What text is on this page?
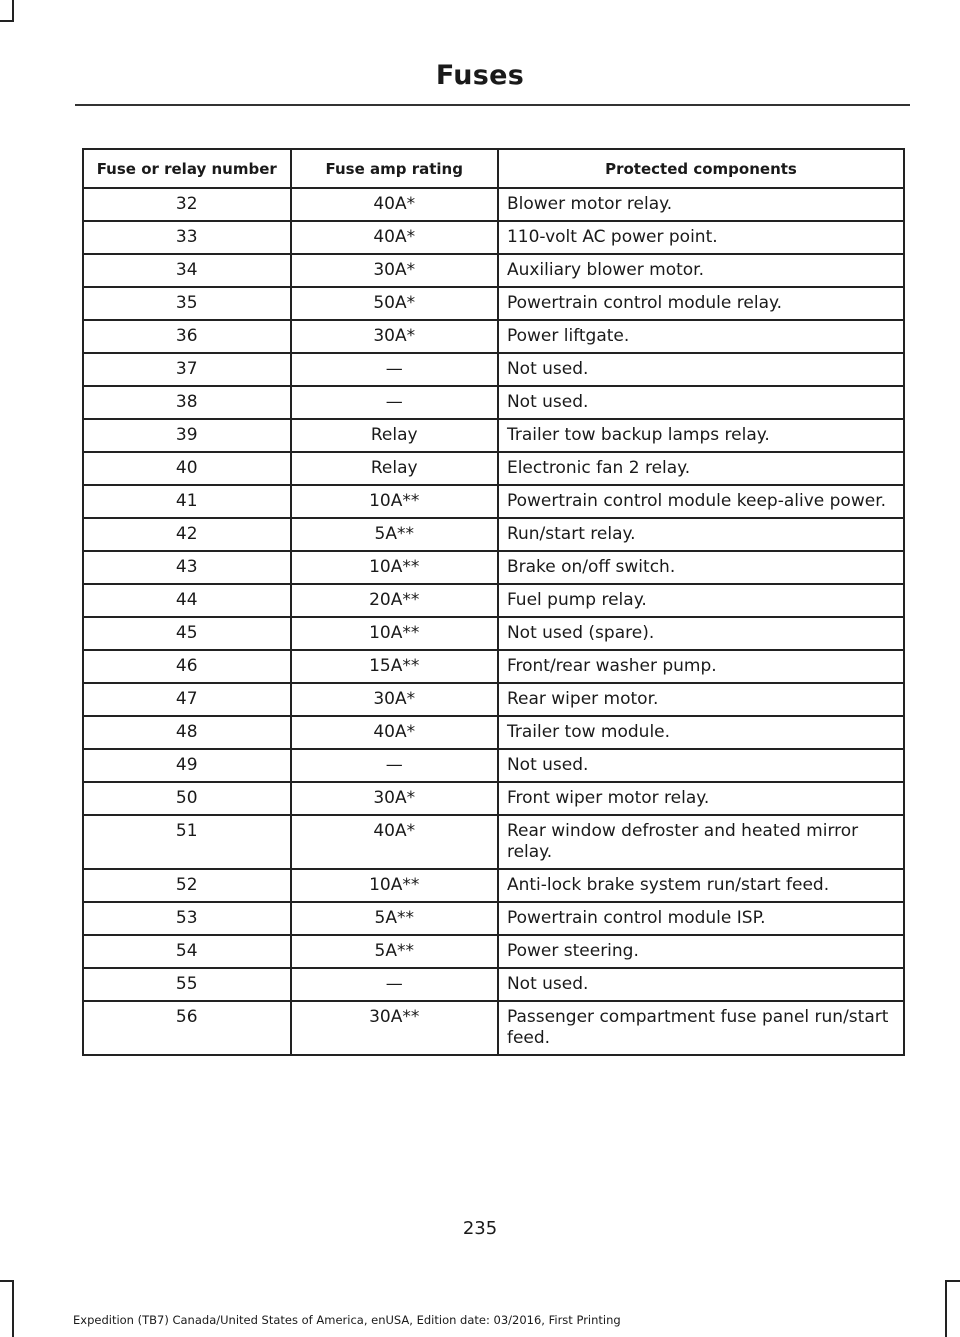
Fuses
Fuse or relay number	Fuse amp rating	Protected components
32	40A*	Blower motor relay.
33	40A*	110-volt AC power point.
34	30A*	Auxiliary blower motor.
35	50A*	Powertrain control module relay.
36	30A*	Power liftgate.
37	—	Not used.
38	—	Not used.
39	Relay	Trailer tow backup lamps relay.
40	Relay	Electronic fan 2 relay.
41	10A**	Powertrain control module keep-alive power.
42	5A**	Run/start relay.
43	10A**	Brake on/off switch.
44	20A**	Fuel pump relay.
45	10A**	Not used (spare).
46	15A**	Front/rear washer pump.
47	30A*	Rear wiper motor.
48	40A*	Trailer tow module.
49	—	Not used.
50	30A*	Front wiper motor relay.
51	40A*	Rear window defroster and heated mirror relay.
52	10A**	Anti-lock brake system run/start feed.
53	5A**	Powertrain control module ISP.
54	5A**	Power steering.
55	—	Not used.
56	30A**	Passenger compartment fuse panel run/start feed.
235
Expedition (TB7) Canada/United States of America, enUSA, Edition date: 03/2016, First Printing
